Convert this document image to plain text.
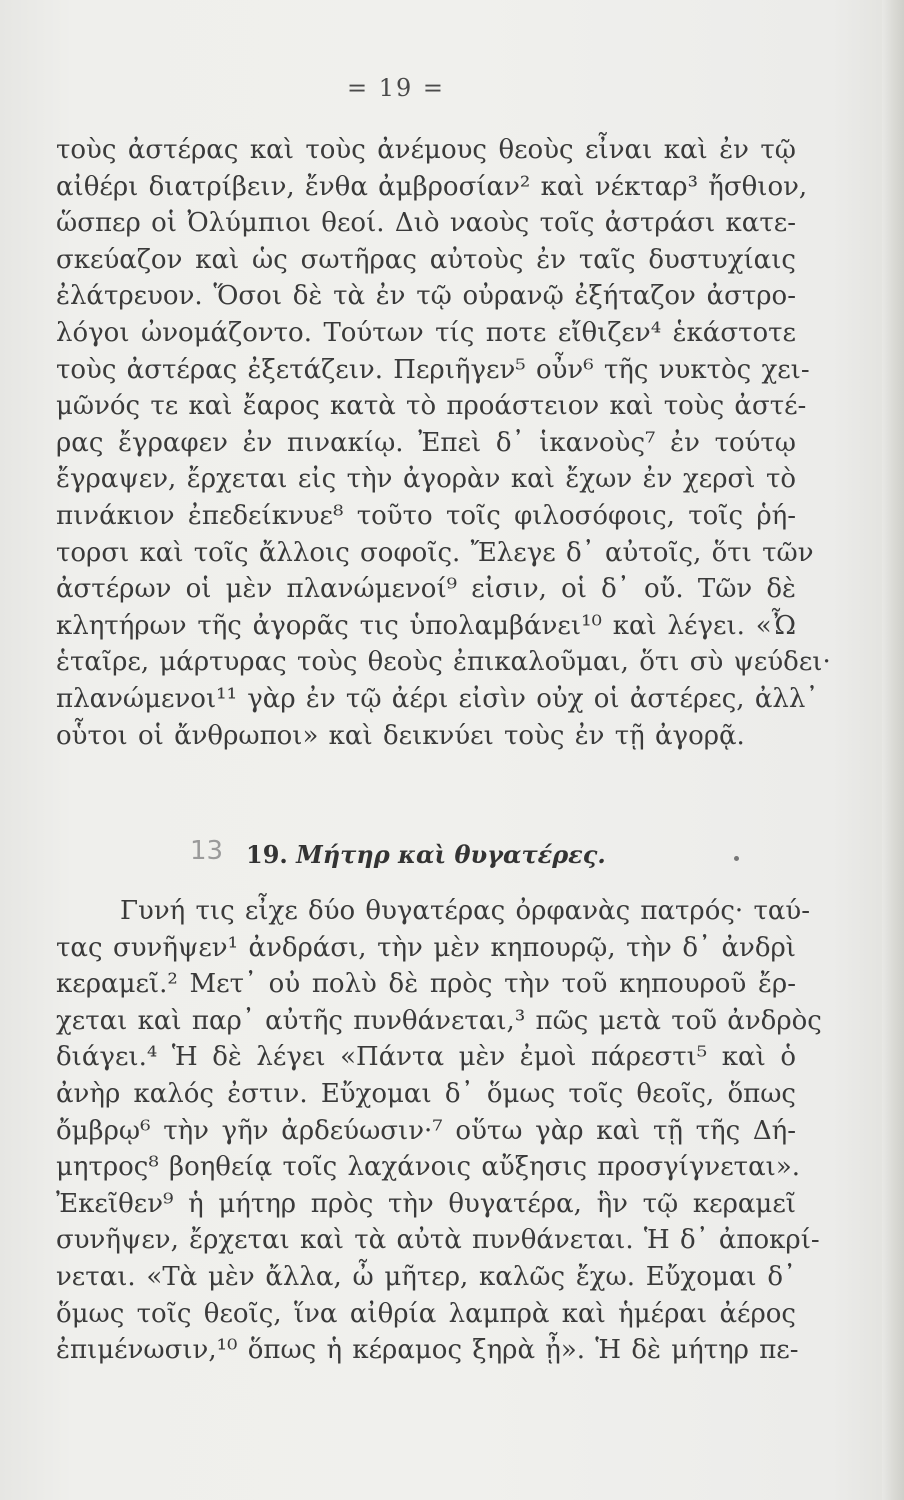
= 19 =
τοὺς ἀστέρας καὶ τοὺς ἀνέμους θεοὺς εἶναι καὶ ἐν τῷ
αἰθέρι διατρίβειν, ἔνθα ἀμβροσίαν² καὶ νέκταρ³ ἤσθιον,
ὥσπερ οἱ Ὀλύμπιοι θεοί. Διὸ ναοὺς τοῖς ἀστράσι κατε-
σκεύαζον καὶ ὡς σωτῆρας αὐτοὺς ἐν ταῖς δυστυχίαις
ἐλάτρευον. Ὅσοι δὲ τὰ ἐν τῷ οὐρανῷ ἐξήταζον ἀστρο-
λόγοι ὠνομάζοντο. Τούτων τίς ποτε εἴθιζεν⁴ ἑκάστοτε
τοὺς ἀστέρας ἐξετάζειν. Περιῆγεν⁵ οὖν⁶ τῆς νυκτὸς χει-
μῶνός τε καὶ ἔαρος κατὰ τὸ προάστειον καὶ τοὺς ἀστέ-
ρας ἔγραφεν ἐν πινακίῳ. Ἐπεὶ δ᾽ ἱκανοὺς⁷ ἐν τούτῳ
ἔγραψεν, ἔρχεται εἰς τὴν ἀγορὰν καὶ ἔχων ἐν χερσὶ τὸ
πινάκιον ἐπεδείκνυε⁸ τοῦτο τοῖς φιλοσόφοις, τοῖς ῥή-
τορσι καὶ τοῖς ἄλλοις σοφοῖς. Ἔλεγε δ᾽ αὐτοῖς, ὅτι τῶν
ἀστέρων οἱ μὲν πλανώμενοί⁹ εἰσιν, οἱ δ᾽ οὔ. Τῶν δὲ
κλητήρων τῆς ἀγορᾶς τις ὑπολαμβάνει¹⁰ καὶ λέγει. «Ὦ
ἑταῖρε, μάρτυρας τοὺς θεοὺς ἐπικαλοῦμαι, ὅτι σὺ ψεύδει·
πλανώμενοι¹¹ γὰρ ἐν τῷ ἀέρι εἰσὶν οὐχ οἱ ἀστέρες, ἀλλ᾽
οὗτοι οἱ ἄνθρωποι» καὶ δεικνύει τοὺς ἐν τῇ ἀγορᾷ.
13 19. Μήτηρ καὶ θυγατέρες.
Γυνή τις εἶχε δύο θυγατέρας ὀρφανὰς πατρός· ταύ-
τας συνῆψεν¹ ἀνδράσι, τὴν μὲν κηπουρῷ, τὴν δ᾽ ἀνδρὶ
κεραμεῖ.² Μετ᾽ οὐ πολὺ δὲ πρὸς τὴν τοῦ κηπουροῦ ἔρ-
χεται καὶ παρ᾽ αὐτῆς πυνθάνεται,³ πῶς μετὰ τοῦ ἀνδρὸς
διάγει.⁴ Ἡ δὲ λέγει «Πάντα μὲν ἐμοὶ πάρεστι⁵ καὶ ὁ
ἀνὴρ καλός ἐστιν. Εὔχομαι δ᾽ ὅμως τοῖς θεοῖς, ὅπως
ὄμβρῳ⁶ τὴν γῆν ἀρδεύωσιν·⁷ οὕτω γὰρ καὶ τῇ τῆς Δή-
μητρος⁸ βοηθείᾳ τοῖς λαχάνοις αὔξησις προσγίγνεται».
Ἐκεῖθεν⁹ ἡ μήτηρ πρὸς τὴν θυγατέρα, ἣν τῷ κεραμεῖ
συνῆψεν, ἔρχεται καὶ τὰ αὐτὰ πυνθάνεται. Ἡ δ᾽ ἀποκρί-
νεται. «Τὰ μὲν ἄλλα, ὦ μῆτερ, καλῶς ἔχω. Εὔχομαι δ᾽
ὅμως τοῖς θεοῖς, ἵνα αἰθρία λαμπρὰ καὶ ἡμέραι ἀέρος
ἐπιμένωσιν,¹⁰ ὅπως ἡ κέραμος ξηρὰ ᾖ». Ἡ δὲ μήτηρ πε-
